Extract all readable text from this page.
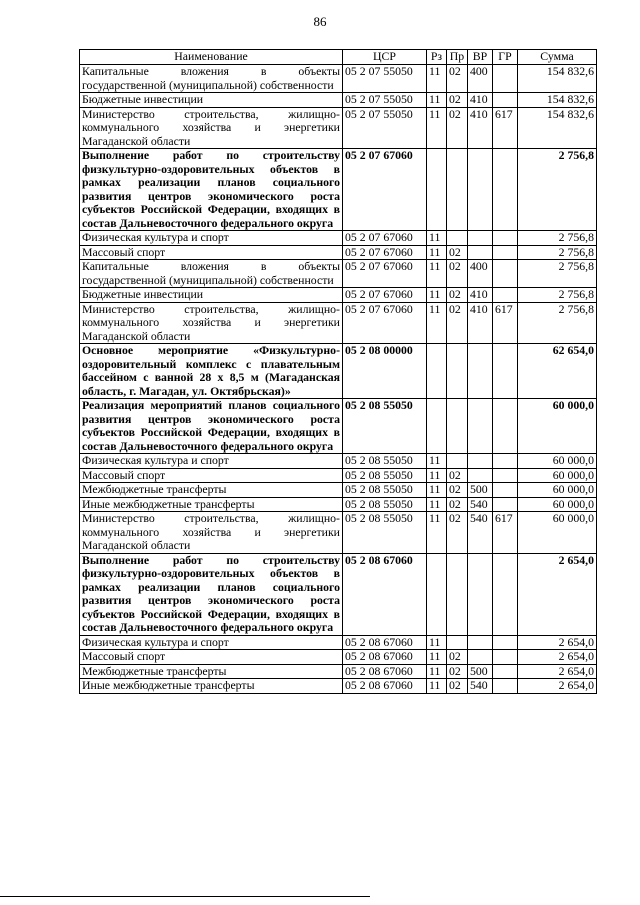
86
Наименование	ЦСР	Рз	Пр	ВР	ГР	Сумма
Капитальные вложения в объекты государственной (муниципальной) собственности	05 2 07 55050	11	02	400		154 832,6
Бюджетные инвестиции	05 2 07 55050	11	02	410		154 832,6
Министерство строительства, жилищно-коммунального хозяйства и энергетики Магаданской области	05 2 07 55050	11	02	410	617	154 832,6
Выполнение работ по строительству физкультурно-оздоровительных объектов в рамках реализации планов социального развития центров экономического роста субъектов Российской Федерации, входящих в состав Дальневосточного федерального округа	05 2 07 67060					2 756,8
Физическая культура и спорт	05 2 07 67060	11				2 756,8
Массовый спорт	05 2 07 67060	11	02			2 756,8
Капитальные вложения в объекты государственной (муниципальной) собственности	05 2 07 67060	11	02	400		2 756,8
Бюджетные инвестиции	05 2 07 67060	11	02	410		2 756,8
Министерство строительства, жилищно-коммунального хозяйства и энергетики Магаданской области	05 2 07 67060	11	02	410	617	2 756,8
Основное мероприятие «Физкультурно-оздоровительный комплекс с плавательным бассейном с ванной 28 х 8,5 м (Магаданская область, г. Магадан, ул. Октябрьская)»	05 2 08 00000					62 654,0
Реализация мероприятий планов социального развития центров экономического роста субъектов Российской Федерации, входящих в состав Дальневосточного федерального округа	05 2 08 55050					60 000,0
Физическая культура и спорт	05 2 08 55050	11				60 000,0
Массовый спорт	05 2 08 55050	11	02			60 000,0
Межбюджетные трансферты	05 2 08 55050	11	02	500		60 000,0
Иные межбюджетные трансферты	05 2 08 55050	11	02	540		60 000,0
Министерство строительства, жилищно-коммунального хозяйства и энергетики Магаданской области	05 2 08 55050	11	02	540	617	60 000,0
Выполнение работ по строительству физкультурно-оздоровительных объектов в рамках реализации планов социального развития центров экономического роста субъектов Российской Федерации, входящих в состав Дальневосточного федерального округа	05 2 08 67060					2 654,0
Физическая культура и спорт	05 2 08 67060	11				2 654,0
Массовый спорт	05 2 08 67060	11	02			2 654,0
Межбюджетные трансферты	05 2 08 67060	11	02	500		2 654,0
Иные межбюджетные трансферты	05 2 08 67060	11	02	540		2 654,0
